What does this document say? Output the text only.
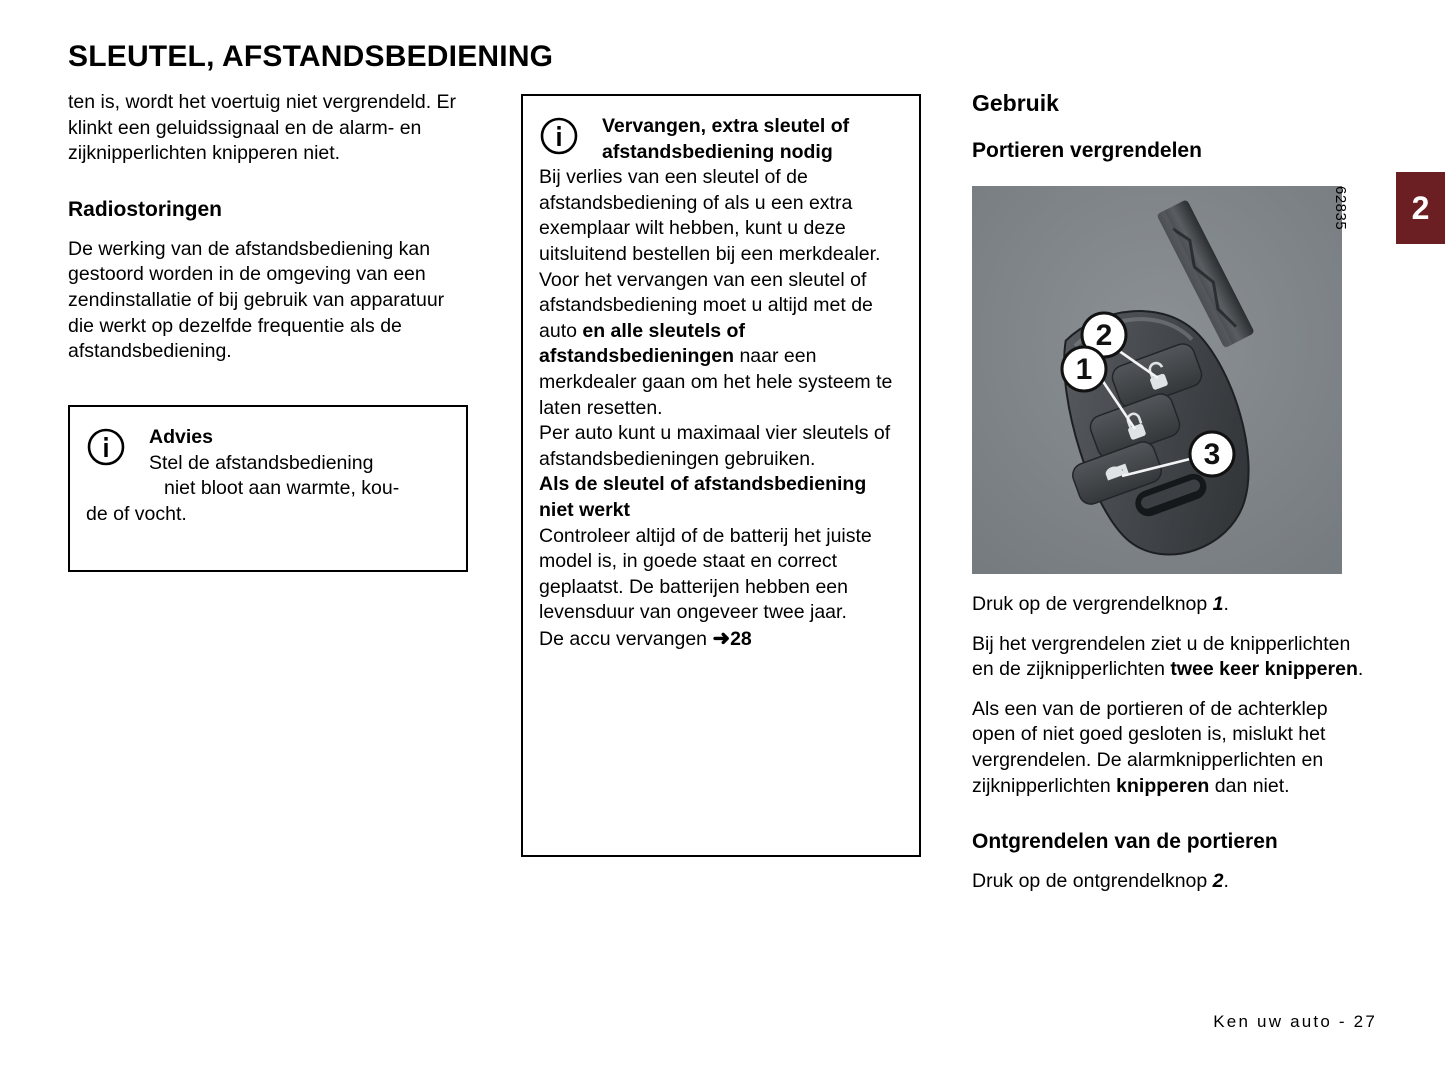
SLEUTEL, AFSTANDSBEDIENING
2

ten is, wordt het voertuig niet vergrendeld. Er klinkt een geluidssignaal en de alarm- en zijknipperlichten knipperen niet.

Radiostoringen

De werking van de afstandsbediening kan gestoord worden in de omgeving van een zendinstallatie of bij gebruik van apparatuur die werkt op dezelfde frequentie als de afstandsbediening.

Advies
Stel de afstandsbediening
niet bloot aan warmte, kou-
de of vocht.
Vervangen, extra sleutel of afstandsbediening nodig
Bij verlies van een sleutel of de afstandsbediening of als u een extra exemplaar wilt hebben, kunt u deze uitsluitend bestellen bij een merkdealer.
Voor het vervangen van een sleutel of afstandsbediening moet u altijd met de auto en alle sleutels of afstandsbedieningen naar een merkdealer gaan om het hele systeem te laten resetten.
Per auto kunt u maximaal vier sleutels of afstandsbedieningen gebruiken.
Als de sleutel of afstandsbediening niet werkt
Controleer altijd of de batterij het juiste model is, in goede staat en correct geplaatst. De batterijen hebben een levensduur van ongeveer twee jaar.
De accu vervangen ➜28
Gebruik
Portieren vergrendelen
2
1
3
62835

Druk op de vergrendelknop 1.

Bij het vergrendelen ziet u de knipperlichten en de zijknipperlichten twee keer knipperen.

Als een van de portieren of de achterklep open of niet goed gesloten is, mislukt het vergrendelen. De alarmknipperlichten en zijknipperlichten knipperen dan niet.

Ontgrendelen van de portieren

Druk op de ontgrendelknop 2.

Ken uw auto - 27
